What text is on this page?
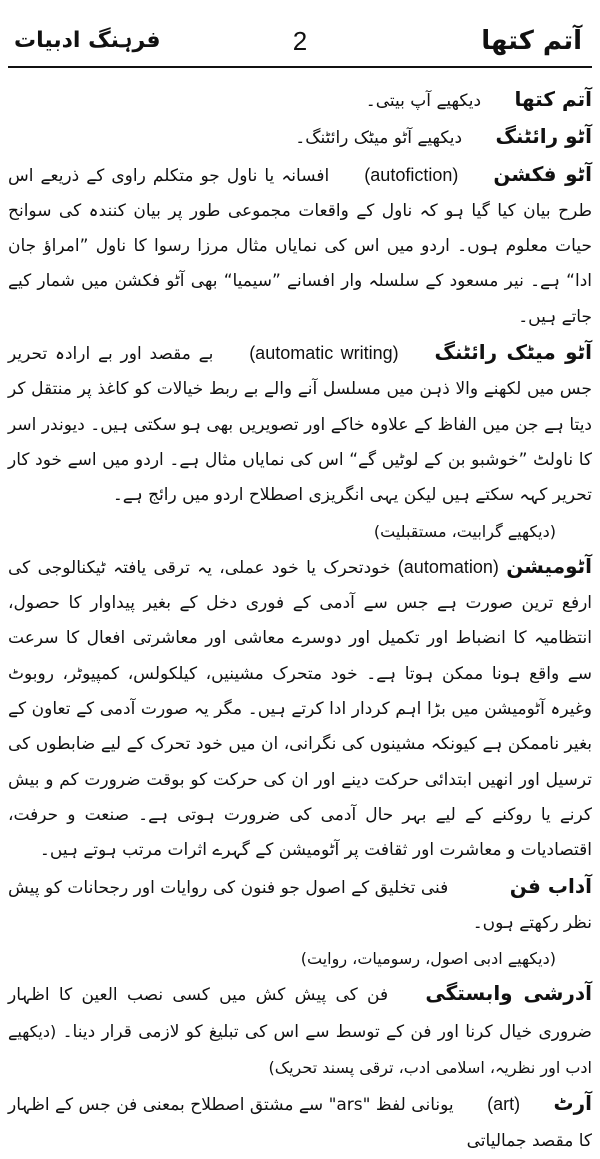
فرہنگ ادبیات	2	آتم کتھا

آتم کتھا دیکھیے آپ بیتی۔

آٹو رائٹنگ دیکھیے آٹو میٹک رائٹنگ۔

آٹو فکشن (autofiction) افسانہ یا ناول جو متکلم راوی کے ذریعے اس طرح بیان کیا گیا ہو کہ ناول کے واقعات مجموعی طور پر بیان کنندہ کی سوانح حیات معلوم ہوں۔ اردو میں اس کی نمایاں مثال مرزا رسوا کا ناول ”امراؤ جان ادا“ ہے۔ نیر مسعود کے سلسلہ وار افسانے ”سیمیا“ بھی آٹو فکشن میں شمار کیے جاتے ہیں۔

آٹو میٹک رائٹنگ (automatic writing) بے مقصد اور بے ارادہ تحریر جس میں لکھنے والا ذہن میں مسلسل آنے والے بے ربط خیالات کو کاغذ پر منتقل کر دیتا ہے جن میں الفاظ کے علاوہ خاکے اور تصویریں بھی ہو سکتی ہیں۔ دیوندر اسر کا ناولٹ ”خوشبو بن کے لوٹیں گے“ اس کی نمایاں مثال ہے۔ اردو میں اسے خود کار تحریر کہہ سکتے ہیں لیکن یہی انگریزی اصطلاح اردو میں رائج ہے۔

(دیکھیے گرابیت، مستقبلیت)

آٹومیشن (automation) خودتحرک یا خود عملی، یہ ترقی یافتہ ٹیکنالوجی کی ارفع ترین صورت ہے جس سے آدمی کے فوری دخل کے بغیر پیداوار کا حصول، انتظامیہ کا انضباط اور تکمیل اور دوسرے معاشی اور معاشرتی افعال کا سرعت سے واقع ہونا ممکن ہوتا ہے۔ خود متحرک مشینیں، کیلکولس، کمپیوٹر، روبوٹ وغیرہ آٹومیشن میں بڑا اہم کردار ادا کرتے ہیں۔ مگر یہ صورت آدمی کے تعاون کے بغیر ناممکن ہے کیونکہ مشینوں کی نگرانی، ان میں خود تحرک کے لیے ضابطوں کی ترسیل اور انھیں ابتدائی حرکت دینے اور ان کی حرکت کو بوقت ضرورت کم و بیش کرنے یا روکنے کے لیے بہر حال آدمی کی ضرورت ہوتی ہے۔ صنعت و حرفت، اقتصادیات و معاشرت اور ثقافت پر آٹومیشن کے گہرے اثرات مرتب ہوتے ہیں۔

آداب فن فنی تخلیق کے اصول جو فنون کی روایات اور رجحانات کو پیش نظر رکھتے ہوں۔

(دیکھیے ادبی اصول، رسومیات، روایت)

آدرشی وابستگی فن کی پیش کش میں کسی نصب العین کا اظہار ضروری خیال کرنا اور فن کے توسط سے اس کی تبلیغ کو لازمی قرار دینا۔ (دیکھیے ادب اور نظریہ، اسلامی ادب، ترقی پسند تحریک)

آرٹ (art) یونانی لفظ "ars" سے مشتق اصطلاح بمعنی فن جس کے اظہار کا مقصد جمالیاتی
